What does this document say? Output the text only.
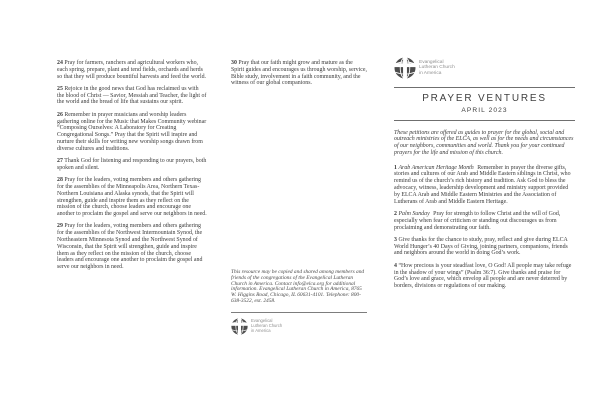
24 Pray for farmers, ranchers and agricultural workers who, each spring, prepare, plant and tend fields, orchards and herds so that they will produce bountiful harvests and feed the world.

25 Rejoice in the good news that God has reclaimed us with the blood of Christ — Savior, Messiah and Teacher, the light of the world and the bread of life that sustains our spirit.

26 Remember in prayer musicians and worship leaders gathering online for the Music that Makes Community webinar “Composing Ourselves: A Laboratory for Creating Congregational Songs.” Pray that the Spirit will inspire and nurture their skills for writing new worship songs drawn from diverse cultures and traditions.

27 Thank God for listening and responding to our prayers, both spoken and silent.

28 Pray for the leaders, voting members and others gathering for the assemblies of the Minneapolis Area, Northern Texas-Northern Louisiana and Alaska synods, that the Spirit will strengthen, guide and inspire them as they reflect on the mission of the church, choose leaders and encourage one another to proclaim the gospel and serve our neighbors in need.

29 Pray for the leaders, voting members and others gathering for the assemblies of the Northwest Intermountain Synod, the Northeastern Minnesota Synod and the Northwest Synod of Wisconsin, that the Spirit will strengthen, guide and inspire them as they reflect on the mission of the church, choose leaders and encourage one another to proclaim the gospel and serve our neighbors in need.

30 Pray that our faith might grow and mature as the Spirit guides and encourages us through worship, service, Bible study, involvement in a faith community, and the witness of our global companions.

This resource may be copied and shared among members and friends of the congregations of the Evangelical Lutheran Church in America. Contact info@elca.org for additional information. Evangelical Lutheran Church in America, 8765 W. Higgins Road, Chicago, IL 60631-4101. Telephone: 800-638-3522, ext. 2458.

Evangelical
Lutheran Church
in America
Evangelical
Lutheran Church
in America
PRAYER VENTURES
APRIL 2023

These petitions are offered as guides to prayer for the global, social and outreach ministries of the ELCA, as well as for the needs and circumstances of our neighbors, communities and world. Thank you for your continued prayers for the life and mission of this church.

1 Arab American Heritage Month Remember in prayer the diverse gifts, stories and cultures of our Arab and Middle Eastern siblings in Christ, who remind us of the church’s rich history and tradition. Ask God to bless the advocacy, witness, leadership development and ministry support provided by ELCA Arab and Middle Eastern Ministries and the Association of Lutherans of Arab and Middle Eastern Heritage.

2 Palm Sunday Pray for strength to follow Christ and the will of God, especially when fear of criticism or standing out discourages us from proclaiming and demonstrating our faith.

3 Give thanks for the chance to study, pray, reflect and give during ELCA World Hunger’s 40 Days of Giving, joining partners, companions, friends and neighbors around the world in doing God’s work.

4 “How precious is your steadfast love, O God! All people may take refuge in the shadow of your wings” (Psalm 36:7). Give thanks and praise for God’s love and grace, which envelop all people and are never deterred by borders, divisions or regulations of our making.
